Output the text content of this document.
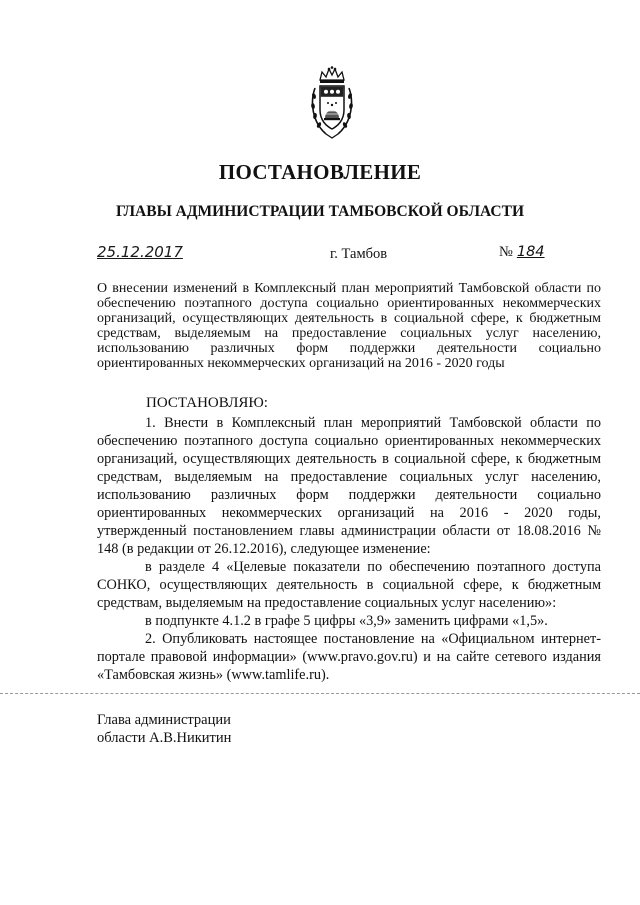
ПОСТАНОВЛЕНИЕ
ГЛАВЫ АДМИНИСТРАЦИИ ТАМБОВСКОЙ ОБЛАСТИ
25.12.2017	г. Тамбов	№ 184

О внесении изменений в Комплексный план мероприятий Тамбовской области по обеспечению поэтапного доступа социально ориентированных некоммерческих организаций, осуществляющих деятельность в социальной сфере, к бюджетным средствам, выделяемым на предоставление социальных услуг населению, использованию различных форм поддержки деятельности социально ориентированных некоммерческих организаций на 2016 - 2020 годы

ПОСТАНОВЛЯЮ:

1. Внести в Комплексный план мероприятий Тамбовской области по обеспечению поэтапного доступа социально ориентированных некоммерческих организаций, осуществляющих деятельность в социальной сфере, к бюджетным средствам, выделяемым на предоставление социальных услуг населению, использованию различных форм поддержки деятельности социально ориентированных некоммерческих организаций на 2016 - 2020 годы, утвержденный постановлением главы администрации области от 18.08.2016 № 148 (в редакции от 26.12.2016), следующее изменение:

в разделе 4 «Целевые показатели по обеспечению поэтапного доступа СОНКО, осуществляющих деятельность в социальной сфере, к бюджетным средствам, выделяемым на предоставление социальных услуг населению»:

в подпункте 4.1.2 в графе 5 цифры «3,9» заменить цифрами «1,5».

2. Опубликовать настоящее постановление на «Официальном интернет-портале правовой информации» (www.pravo.gov.ru) и на сайте сетевого издания «Тамбовская жизнь» (www.tamlife.ru).

Глава администрации
области А.В.Никитин
